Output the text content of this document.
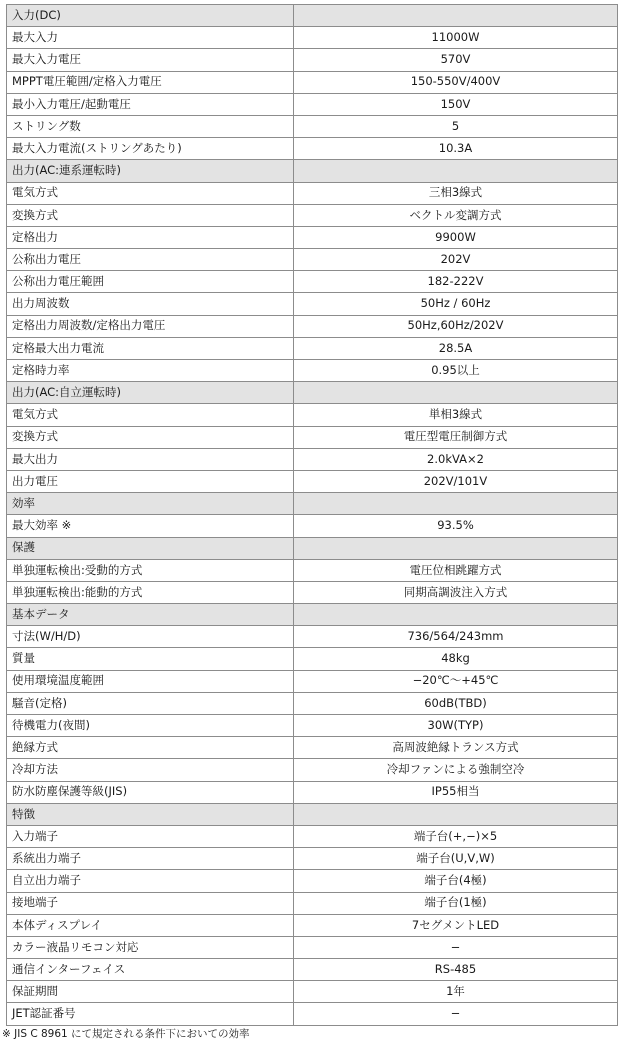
入力(DC)	
最大入力	11000W
最大入力電圧	570V
MPPT電圧範囲/定格入力電圧	150-550V/400V
最小入力電圧/起動電圧	150V
ストリング数	5
最大入力電流(ストリングあたり)	10.3A
出力(AC:連系運転時)	
電気方式	三相3線式
変換方式	ベクトル変調方式
定格出力	9900W
公称出力電圧	202V
公称出力電圧範囲	182-222V
出力周波数	50Hz / 60Hz
定格出力周波数/定格出力電圧	50Hz,60Hz/202V
定格最大出力電流	28.5A
定格時力率	0.95以上
出力(AC:自立運転時)	
電気方式	単相3線式
変換方式	電圧型電圧制御方式
最大出力	2.0kVA×2
出力電圧	202V/101V
効率	
最大効率 ※	93.5%
保護	
単独運転検出:受動的方式	電圧位相跳躍方式
単独運転検出:能動的方式	同期高調波注入方式
基本データ	
寸法(W/H/D)	736/564/243mm
質量	48kg
使用環境温度範囲	−20℃〜+45℃
騒音(定格)	60dB(TBD)
待機電力(夜間)	30W(TYP)
絶縁方式	高周波絶縁トランス方式
冷却方法	冷却ファンによる強制空冷
防水防塵保護等級(JIS)	IP55相当
特徴	
入力端子	端子台(+,−)×5
系統出力端子	端子台(U,V,W)
自立出力端子	端子台(4極)
接地端子	端子台(1極)
本体ディスプレイ	7セグメントLED
カラー液晶リモコン対応	−
通信インターフェイス	RS-485
保証期間	1年
JET認証番号	−
※ JIS C 8961 にて規定される条件下においての効率
